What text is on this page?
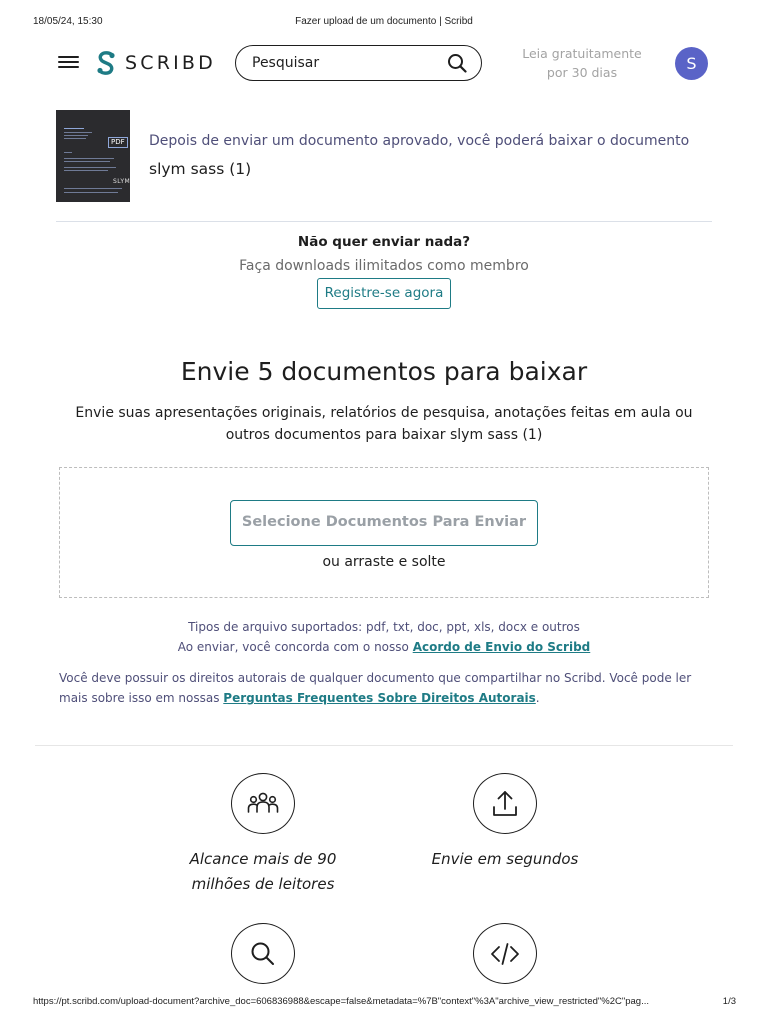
18/05/24, 15:30	Fazer upload de um documento | Scribd
SCRIBD
Pesquisar	Leia gratuitamente
por 30 dias	S
PDF
SLYM
Depois de enviar um documento aprovado, você poderá baixar o documento
slym sass (1)
Não quer enviar nada?
Faça downloads ilimitados como membro
Registre-se agora
Envie 5 documentos para baixar
Envie suas apresentações originais, relatórios de pesquisa, anotações feitas em aula ou outros documentos para baixar slym sass (1)
Selecione Documentos Para Enviar
ou arraste e solte
Tipos de arquivo suportados: pdf, txt, doc, ppt, xls, docx e outros
Ao enviar, você concorda com o nosso Acordo de Envio do Scribd
Você deve possuir os direitos autorais de qualquer documento que compartilhar no Scribd. Você pode ler mais sobre isso em nossas Perguntas Frequentes Sobre Direitos Autorais.
Alcance mais de 90
milhões de leitores
Envie em segundos
https://pt.scribd.com/upload-document?archive_doc=606836988&escape=false&metadata=%7B"context"%3A"archive_view_restricted"%2C"pag...	1/3
